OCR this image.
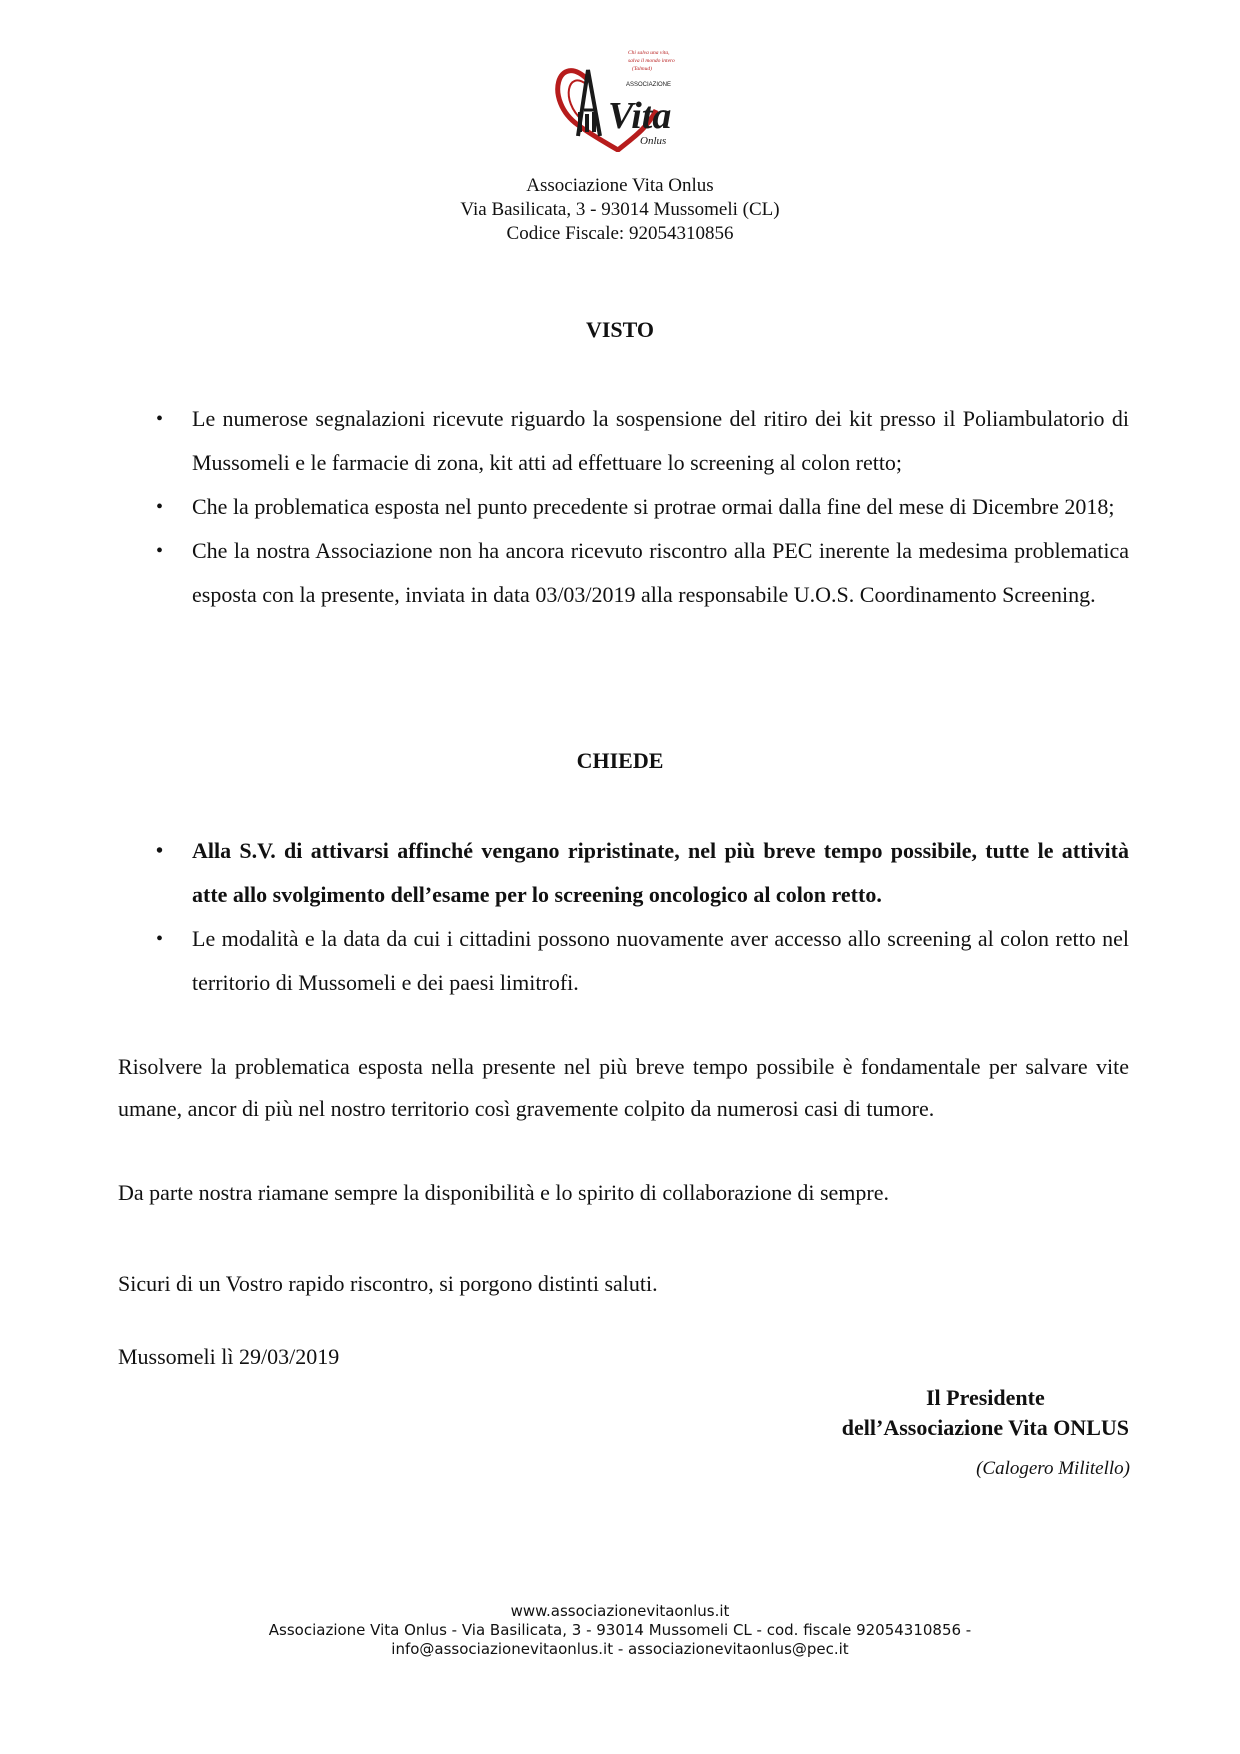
Vita
Onlus
ASSOCIAZIONE
Chi salva una vita,
salva il mondo intero
(Talmud)
Associazione Vita Onlus
Via Basilicata, 3 - 93014 Mussomeli (CL)
Codice Fiscale: 92054310856
VISTO
• Le numerose segnalazioni ricevute riguardo la sospensione del ritiro dei kit presso il Poliambulatorio di Mussomeli e le farmacie di zona, kit atti ad effettuare lo screening al colon retto;
• Che la problematica esposta nel punto precedente si protrae ormai dalla fine del mese di Dicembre 2018;
• Che la nostra Associazione non ha ancora ricevuto riscontro alla PEC inerente la medesima problematica esposta con la presente, inviata in data 03/03/2019 alla responsabile U.O.S. Coordinamento Screening.
CHIEDE
• Alla S.V. di attivarsi affinché vengano ripristinate, nel più breve tempo possibile, tutte le attività atte allo svolgimento dell’esame per lo screening oncologico al colon retto.
• Le modalità e la data da cui i cittadini possono nuovamente aver accesso allo screening al colon retto nel territorio di Mussomeli e dei paesi limitrofi.
Risolvere la problematica esposta nella presente nel più breve tempo possibile è fondamentale per salvare vite umane, ancor di più nel nostro territorio così gravemente colpito da numerosi casi di tumore.
Da parte nostra riamane sempre la disponibilità e lo spirito di collaborazione di sempre.
Sicuri di un Vostro rapido riscontro, si porgono distinti saluti.
Mussomeli lì 29/03/2019
Il Presidente
dell’Associazione Vita ONLUS
(Calogero Militello)
www.associazionevitaonlus.it
Associazione Vita Onlus - Via Basilicata, 3 - 93014 Mussomeli CL - cod. fiscale 92054310856 -
info@associazionevitaonlus.it - associazionevitaonlus@pec.it
